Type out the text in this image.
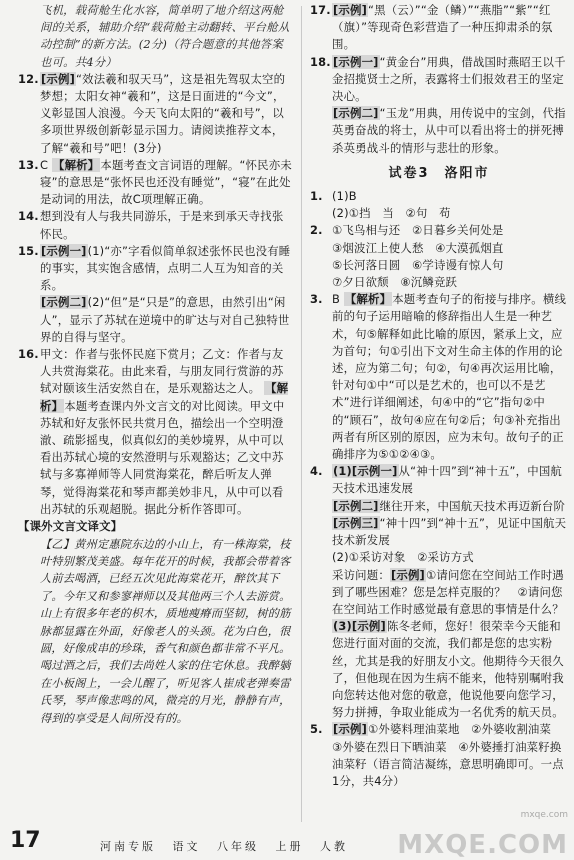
飞机，载荷舱生化水容，简单明了地介绍这两舱间的关系，辅助介绍“载荷舱主动翻转、平台舱从动控制”的新方法。(2分)（符合题意的其他答案也可。共4分）
12. [示例]“效法羲和驭天马”，这是祖先驾驭太空的梦想；太阳女神“羲和”，这是日面进的“今文”，义彰显国人浪漫。今天飞向太阳的“羲和号”，以多项世界级创新彰显示国力。请阅读推荐文本，了解“羲和号”吧！(3分)
13. C 【解析】本题考查文言词语的理解。“怀民亦未寝”的意思是“张怀民也还没有睡觉”，“寝”在此处是动词的用法，故C项理解正确。
14. 想到没有人与我共同游乐，于是来到承天寺找张怀民。
15. [示例一](1)“亦”字看似简单叙述张怀民也没有睡的事实，其实饱含感情，点明二人互为知音的关系。
[示例二](2)“但”是“只是”的意思，由然引出“闲人”，显示了苏轼在逆境中的旷达与对自己独特世界的自得与坚守。
16. 甲文：作者与张怀民庭下赏月；乙文：作者与友人共赏海棠花。由此来看，与朋友同行赏游的苏轼对颐该生活安然自在，是乐观豁达之人。 【解析】本题考查课内外文言文的对比阅读。甲文中苏轼和好友张怀民共赏月色，描绘出一个空明澄澈、疏影摇曳，似真似幻的美妙境界，从中可以看出苏轼心境的安然澄明与乐观豁达；乙文中苏轼与多寡禅师等人同赏海棠花，醉后听友人弹琴，觉得海棠花和琴声都美妙非凡，从中可以看出苏轼的乐观超脱。据此分析作答即可。
【课外文言文译文】
【乙】黄州定惠院东边的小山上，有一株海棠，枝叶特别繁茂美盛。每年花开的时候，我都会带着客人前去喝酒，已经五次见此海棠花开，醉饮其下了。今年又和参寥禅师以及其他两三个人去游赏。山上有很多年老的枳木，质地瘦瘠而坚韧，树的筋脉都显露在外面，好像老人的头颈。花为白色，很圆，好像成串的珍珠，香气和颜色都非常不平凡。喝过酒之后，我们去尚姓人家的住宅休息。我醉躺在小板阁上，一会儿醒了，听见客人崔成老弹奏雷氏琴，琴声像悲鸣的风，微亮的月光，静静有声，得到的享受是人间所没有的。
17. [示例]“黑（云）”“金（鳞）”“燕脂”“紫”“红（旗）”等现奇色彩营造了一种压抑肃杀的氛围。
18. [示例一]“黄金台”用典，借战国时燕昭王以千金招揽贤士之所，表露将士们报效君王的坚定决心。
[示例二]“玉龙”用典，用传说中的宝剑，代指英勇奋战的将士，从中可以看出将士的拼死搏杀英勇战斗的情形与悲壮的形象。
试卷3　洛阳市
1. (1)B
(2)①挡　当　②句　苟
2. ①飞鸟相与还　②日暮乡关何处是
③烟波江上使人愁　④大漠孤烟直
⑤长河落日圆　⑥学诗谩有惊人句
⑦夕日欲颓　⑧沉鳞竞跃
3. B 【解析】本题考查句子的衔接与排序。横线前的句子运用暗喻的修辞指出人生是一种艺术，句⑤解释如此比喻的原因，紧承上文，应为首句；句①引出下文对生命主体的作用的论述，应为第二句；句②，句④再次运用比喻，针对句①中“可以是艺术的，也可以不是艺术”进行详细阐述，句④中的“它”指句②中的“顾石”，故句④应在句②后；句③补充指出两者有所区别的原因，应为末句。故句子的正确排序为⑤①②④③。
4. (1)[示例一]从“神十四”到“神十五”，中国航天技术迅速发展
[示例二]继往开来，中国航天技术再迈新台阶
[示例三]“神十四”到“神十五”，见证中国航天技术新发展
(2)①采访对象　②采访方式
采访问题：[示例]①请问您在空间站工作时遇到了哪些困难？您是怎样克服的？　②请问您在空间站工作时感觉最有意思的事情是什么？
(3)[示例]陈冬老师，您好！很荣幸今天能和您进行面对面的交流，我们都是您的忠实粉丝，尤其是我的好朋友小文。他期待今天很久了，但他现在因为生病不能来，他特别嘱咐我向您转达他对您的敬意，他说他要向您学习，努力拼搏，争取业能成为一名优秀的航天员。
5. [示例]①外婆料理油菜地　②外婆收割油菜　③外婆在烈日下晒油菜　④外婆捶打油菜籽换油菜籽（语言简洁凝练，意思明确即可。一点1分，共4分）
mxqe.com
17	河南专版 语文 八年级 上册 人教	MXQE.COM
